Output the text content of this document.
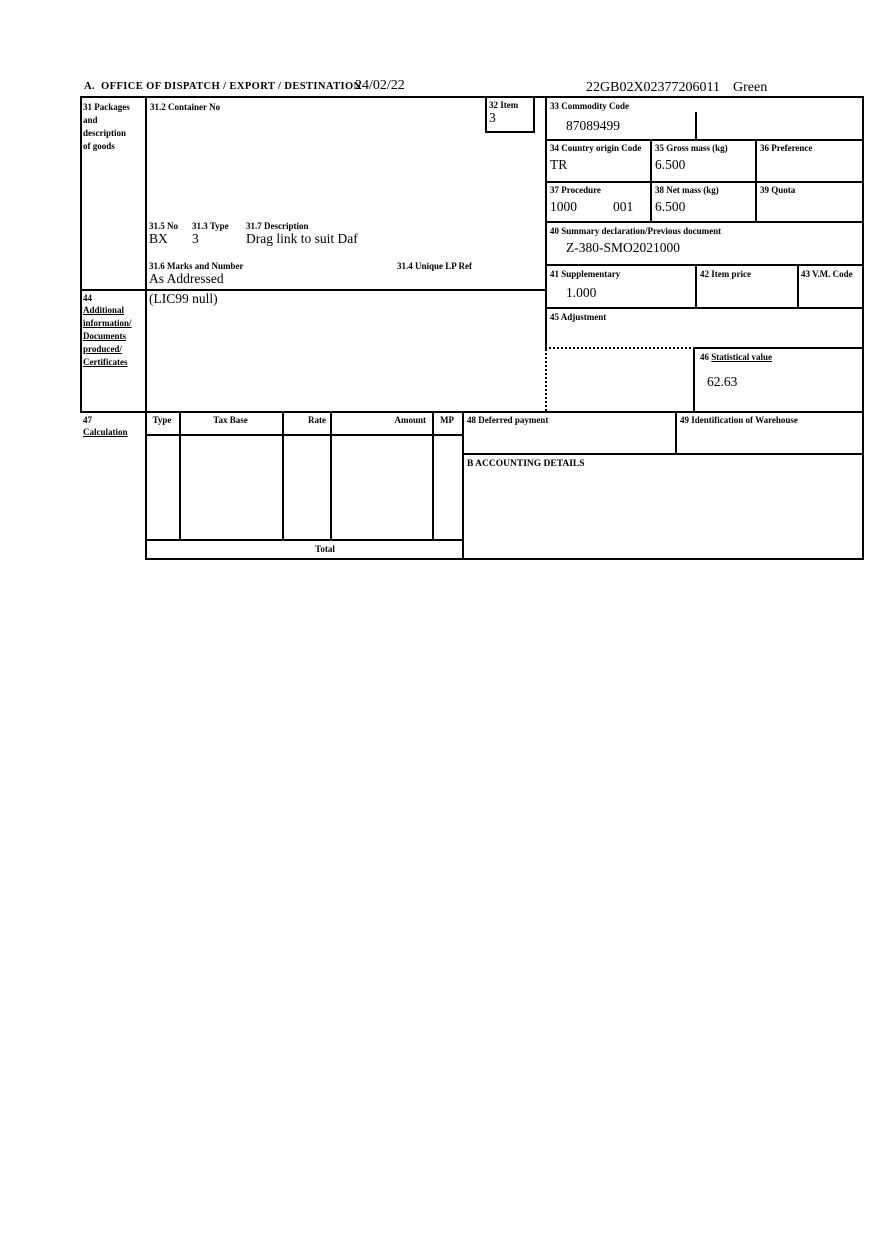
A.  OFFICE OF DISPATCH / EXPORT / DESTINATION
24/02/22	22GB02X02377206011 Green
31 Packages
and
description
of goods
31.2 Container No
31.5 No 31.3 Type 31.7 Description
BX 3	Drag link to suit Daf
31.6 Marks and Number	31.4 Unique LP Ref
As Addressed
32 Item
3
33 Commodity Code
87089499
34 Country origin Code
TR
35 Gross mass (kg)
6.500
36 Preference
37 Procedure
1000	001
38 Net mass (kg)
6.500
39 Quota
40 Summary declaration/Previous document
Z-380-SMO2021000
41 Supplementary
1.000
42 Item price	43 V.M. Code
44
Additional
information/
Documents
produced/
Certificates
(LIC99 null)
45 Adjustment
46 Statistical value
62.63
47
Calculation
Type	Tax Base	Rate	Amount	MP
Total
48 Deferred payment	49 Identification of Warehouse
B ACCOUNTING DETAILS
